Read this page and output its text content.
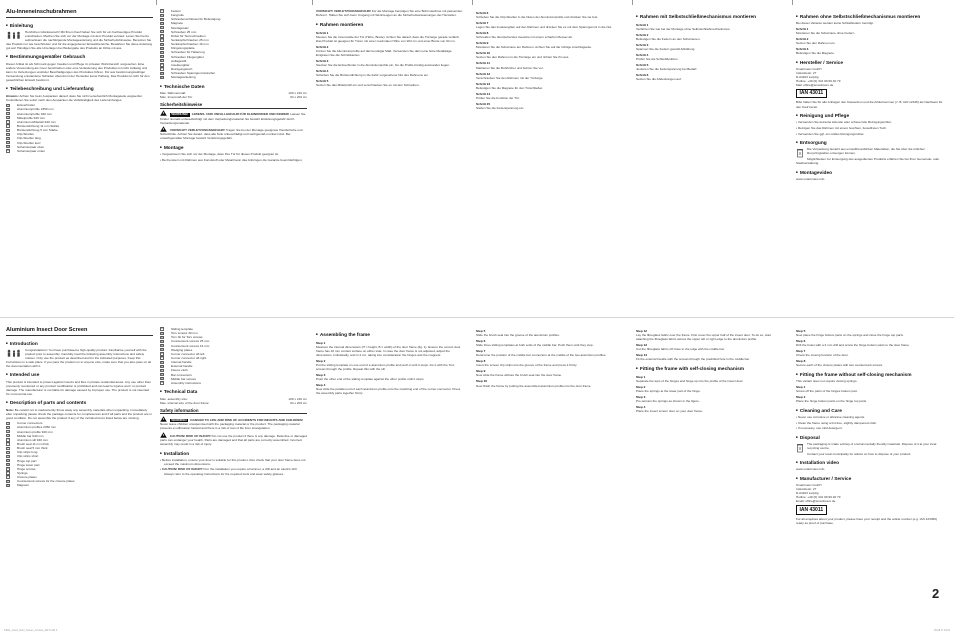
Alu-Inneneinschubrahmen
■ Einleitung

Herzlichen Glückwunsch! Mit Ihrem Kauf haben Sie sich für ein hochwertiges Produkt entschieden. Machen Sie sich vor der Montage mit dem Produkt vertraut. Lesen Sie hierzu aufmerksam die nachfolgende Montageanleitung und die Sicherheitshinweise. Benutzen Sie das Produkt nur wie beschrieben und für die angegebenen Einsatzbereiche. Bewahren Sie diese Anleitung gut auf. Händigen Sie alle Unterlagen bei Weitergabe des Produkts an Dritte mit aus.

■ Bestimmungsgemäßer Gebrauch

Dieser Artikel ist als Schmuck gegen Insekten und Pflege im privaten Wohnbereich vorgesehen. Eine andere Verwendung als zuvor beschrieben oder eine Veränderung des Produktes ist nicht zulässig und kann zu Verletzungen und/oder Beschädigungen des Produktes führen. Für aus bestimmungswidriger Verwendung entstandene Schäden übernimmt der Hersteller keine Haftung. Das Produkt ist nicht für den gewerblichen Einsatz bestimmt.

■ Teilebeschreibung und Lieferumfang

Hinweis: Achten Sie beim Auspacken darauf, dass Sie nicht versehentlich Montageteile wegwerfen. Kontrollieren Sie sofort nach dem Auspacken die Vollständigkeit des Lieferumfanges.

1	Eckverbinder
2	Aluminiumprofile 2350 mm
3	Aluminiumprofile 940 mm
4	Mittelprofile 940 mm
5	Aluminium-Mittelteil 940 mm
6	Bürstendichtung 11 mm Stärke
7	Bürstendichtung 5 mm Stärke
8	Clip-Streifen
9	Clip-Streifen lang
10 Clip-Streifen kurz
11 Scharnierpaar oben
12 Scharnierpaar unten
13 Federn
14 Fangrolle
15 Schraubenschlüssel für Befestigung
16 Magnete
17 Montagesatz
18 Schrauben 25 mm
19 Dübel für Termschrauben
20 Senkkopfschrauben 25 mm
21 Senkkopfschrauben 16 mm
22 Klingelungsplatte
23 Schrauben für Halterung
24 Schrauben Fliegengitter
25 Auflagestift
26 Insektengitter
27 Reinigungstuch
28 Schrauben Spanngummistreifen
29 Montageanleitung
■ Technische Daten
Max. Rahmenmaß	100 x 210 cm
Max. Innenmaß der Tür	94 x 204 cm
Sicherheitshinweise

WARNUNG! LEBENS- UND UNFALLGEFAHR FÜR KLEINKINDER UND KINDER! Lassen Sie Kinder niemals unbeaufsichtigt mit dem Verpackungsmaterial. Es besteht Erstickungsgefahr durch Verpackungsmaterial.

VORSICHT! VERLETZUNGSGEFAHR! Tragen Sie bei der Montage geeignete Handschuhe und Schutzbrille. Achten Sie darauf, dass alle Teile unbeschädigt und sachgemäß montiert sind. Bei unsachgemäßer Montage besteht Verletzungsgefahr.

■ Montage

• Vergewissern Sie sich vor der Montage, dass Ihre Tür für dieses Produkt geeignet ist.

• Bei Fenstern mit Rahmen aus Kunststoff oder Metall kann das Anbringen die Garantie beeinträchtigen.

VORSICHT! VERLETZUNGSGEFAHR! Für die Montage benötigen Sie eine Bohrmaschine mit passenden Bohrern. Halten Sie sich beim Umgang mit Werkzeugen an die Sicherheitsanweisungen der Hersteller.

■ Rahmen montieren
Schritt 1

Messen Sie die Innenmaße der Tür (Höhe, Breite). Achten Sie darauf, dass die Türzarge gerade verläuft. Das Produkt ist geeignet für Türen mit einer maximalen Höhe von 204 cm und einer Breite von 94 cm.

Schritt 2

Kürzen Sie die Aluminiumprofile auf das benötigte Maß. Verwenden Sie dazu eine feine Metallsäge. Entgraten Sie die Schnittkanten.

Schritt 3

Stecken Sie die Eckverbinder in die Aluminiumprofile ein, bis die Profile bündig aneinander liegen.

Schritt 4

Schieben Sie die Bürstendichtung in die dafür vorgesehene Nut des Rahmens ein.

Schritt 5

Setzen Sie das Mittelprofil ein und verschrauben Sie es mit den Schrauben.

Schritt 6

Schieben Sie die Clip-Streifen in die Nuten der Aluminiumprofile und drücken Sie sie fest.

Schritt 7

Legen Sie das Insektengitter auf den Rahmen und drücken Sie es mit dem Spanngummi in die Nut.

Schritt 8

Schneiden Sie überstehendes Gewebe mit einem scharfen Messer ab.

Schritt 9

Montieren Sie die Scharniere am Rahmen. Achten Sie auf die richtige Anschlagseite.

Schritt 10

Setzen Sie den Rahmen in die Türzarge ein und richten Sie ihn aus.

Schritt 11

Markieren Sie die Bohrlöcher und bohren Sie vor.

Schritt 12

Verschrauben Sie den Rahmen mit der Türzarge.

Schritt 13

Befestigen Sie die Magnete für den Türschließer.

Schritt 14

Prüfen Sie die Funktion der Tür.

Schritt 15

Stellen Sie die Federspannung ein.

■ Rahmen mit Selbstschließmechanismus montieren
Schritt 1

Verfahren Sie wie bei der Montage ohne Selbstschließmechanismus.

Schritt 2

Befestigen Sie die Federn an den Scharnieren.

Schritt 3

Spannen Sie die Federn gemäß Abbildung.

Schritt 4

Prüfen Sie die Schließfunktion.

Schritt 5

Justieren Sie die Federspannung bei Bedarf.

Schritt 6

Setzen Sie die Abdeckungen auf.

■ Rahmen ohne Selbstschließmechanismus montieren

Bei dieser Variante werden keine Schließfedern benötigt.

Schritt 1

Montieren Sie die Scharniere ohne Federn.

Schritt 2

Setzen Sie den Rahmen ein.

Schritt 3

Befestigen Sie die Magnete.

■ Hersteller / Service

Smartmaxx GmbH

Industriestr. 27

D-04103 Leipzig

Hotline: +49 (0) 341 99 99 40 79

Mail: office@smartmaxx.de

IAN 43011

Bitte halten Sie für alle Anfragen den Kassenbon und die Artikelnummer (z. B. IAN 12345) als Nachweis für den Kauf bereit.

■ Reinigung und Pflege

• Verwenden Sie keinerlei ätzende oder scheuernde Reinigungsmittel.

• Reinigen Sie das Rahmen mit einem feuchten, fusselfreien Tuch.

• Verwenden Sie ggf. ein mildes Reinigungsmittel.

■ Entsorgung

Die Verpackung besteht aus umweltfreundlichen Materialien, die Sie über die örtlichen Recyclingstellen entsorgen können.

Möglichkeiten zur Entsorgung des ausgedienten Produkts erfahren Sie bei Ihrer Gemeinde- oder Stadtverwaltung.

■ Montagevideo

www.smartmaxx.info

Aluminium Insect Door Screen
■ Introduction

Congratulations! You have purchased a high-quality product. Familiarise yourself with the product prior to assembly. Carefully read the following assembly instructions and safety notices. Only use the product as described and for the indicated purposes. Keep this instructions in a safe place. If you pass the product on to anyone else, make sure that you also pass on all the documentation with it.

■ Intended use

This product is intended to protect against insects and flies in private residential areas. Any use other than previously mentioned or any product modification is prohibited and can lead to injuries and / or product damage. The manufacturer is not liable for damage caused by improper use. The product is not intended for commercial use.

■ Description of parts and contents

Note: Be careful not to inadvertently throw away any assembly materials when unpacking. Immediately after unpacking please check the package contents for completeness and if all parts and the product are in good condition. Do not assemble the product if any of the included items listed below are missing.

1	Corner connectors
2	Aluminium profiles 2350 mm
3	Aluminium profile 940 mm
4	Middle bar 940 mm
5	Aluminium sill 940 mm
6	Brush seal 11 mm thick
7	Brush seal 5 mm thick
8	Clip strips long
9	Clip strips short
10 Hinge top part
11 Hinge lower part
12 Hinge screws
13 Springs
14 Closure plates
15 Countersunk screws for the closure plates
16 Magnets
17 Sliding template
18 Torx screws 30 mm
19 Torx bit for Torx screws
20 Countersunk screws 25 mm
21 Countersunk screws 16 mm
22 Wedging plates
23 Corner connector off-left
24 Corner connector off-right
25 Internal handle
26 External handle
27 Fleece cloth
28 Bar connectors
29 Middle bar screws
30 Assembly instructions
■ Technical Data
Max. assembly size:	100 x 210 cm
Max. internal size of the door frame:	94 x 204 cm
Safety information

WARNING! DANGER TO LIFE AND RISK OF ACCIDENTS FOR INFANTS AND CHILDREN! Never leave children unsupervised with the packaging material or the product. The packaging material presents a suffocation hazard and there is a risk of loss of life from strangulation.

CAUTION! RISK OF INJURY! Do not use the product if there is any damage. Defective or damaged parts can endanger your health. Parts are damaged and that all parts are correctly assembled. Incorrect assembly may result in a risk of injury.

■ Installation

• Before installation, ensure your door is suitable for this product. Also check that your door frame does not exceed the maximum dimensions.

• CAUTION! RISK OF INJURY! For the installation you require a hammer, a drill and an electric drill. Always refer to the operating instructions for the required tools and wear safety glasses.

■ Assembling the frame
Step 1

Measure the internal dimensions (H = height, B = width) of the door frame (fig. 1). Ensure the correct door frame has 10 mm contact surface on either side. In case the door frame is not adjusted, adjust the dimensions. Individually, and in 2 cm, taking into consideration the hinges and the magnets.

Step 2

Put the sliding template on one end of a aluminium profile and push it until it stops. Fix it with the Torx screws through the profile. Repeat this with the sill.

Step 3

Push the other end of the sliding template against the other profile until it stops.

Step 4

Now slide the parallel end of each aluminium profile onto the matching end of the corner connector. Press the assembly parts together firmly.

Step 5

Slide the brush seal into the groove of the aluminium profiles.

Step 6

Slide three sliding templates at both ends of the middle bar. Push them until they stop.

Step 7

Determine the position of the middle bar connectors at the middle of the two aluminium profiles.

Step 8

Insert the screen clip strips into the groove of the frame and press it firmly.

Step 9

Now slide the frame without the brush seal into the door frame.

Step 10

Now finish the frame by putting the assembled aluminium profile into the door frame.

Step 12

Lay the fibreglass fabric over the frame. First cover the upper half of the insect door. To do so, start attaching the fibreglass fabric across the upper left or right edge to the aluminium profile.

Step 13

Cut the fibreglass fabric off close to the edge with the middle bar.

Step 14

Fit the external handle with the screws through the predrilled hole in the middle bar.

■ Fitting the frame with self-closing mechanism
Step 1

Separate the tops of the hinges and hinge up into the profile of the insect door.

Step 2

Place the springs at the lower part of the hinge.

Step 3

Pre-tension the springs as shown in the figure.

Step 4

Place the insect screen door on your door frame.

Step 5

Now place the hinge bottom parts on the springs and close the hinge top parts.

Step 6

Drill the holes with a 3 mm drill and screw the hinge bottom parts to the door frame.

Step 7

Check the closing function of the door.

Step 8

Secure each of the closure plates with two countersunk screws.

■ Fitting the frame without self-closing mechanism

This variant does not require closing springs.

Step 1

Screw off the parts of the hinges bottom part.

Step 2

Place the hinge bottom parts on the hinge top parts.

■ Cleaning and Care

• Never use corrosive or abrasive cleaning agents.

• Clean the frame using a lint-free, slightly dampened cloth.

• If necessary, use mild detergent.

■ Disposal

The packaging is made entirely of environmentally friendly materials. Dispose of it at your local recycling centre.

Contact your local municipality for advice on how to dispose of your product.

■ Installation video

www.smartmaxx.info

■ Manufacturer / Service

Smartmaxx GmbH

Industriestr. 27

D-04103 Leipzig

Hotline: +49 (0) 341 99 99 40 79

Email: office@smartmaxx.de

IAN 43011

For all enquiries about your product, please have your receipt and the article number (e.g. IAN 123456) ready as proof of purchase.

2
43011_Insect_Door_Screen_Content_2017.indd 2	09.08.17 15:22
